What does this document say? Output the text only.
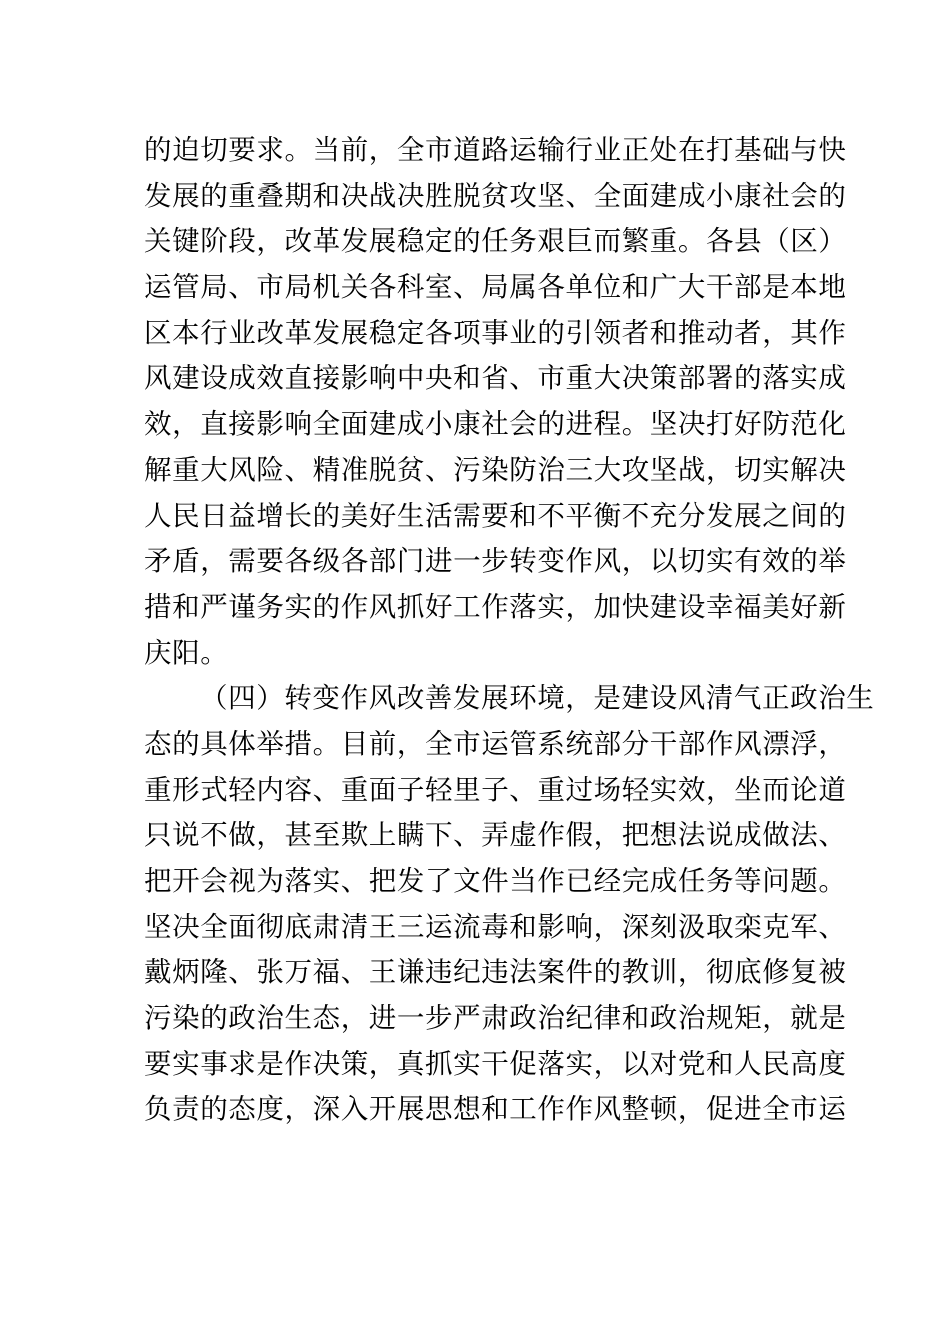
的迫切要求。当前，全市道路运输行业正处在打基础与快
发展的重叠期和决战决胜脱贫攻坚、全面建成小康社会的
关键阶段，改革发展稳定的任务艰巨而繁重。各县（区）
运管局、市局机关各科室、局属各单位和广大干部是本地
区本行业改革发展稳定各项事业的引领者和推动者，其作
风建设成效直接影响中央和省、市重大决策部署的落实成
效，直接影响全面建成小康社会的进程。坚决打好防范化
解重大风险、精准脱贫、污染防治三大攻坚战，切实解决
人民日益增长的美好生活需要和不平衡不充分发展之间的
矛盾，需要各级各部门进一步转变作风，以切实有效的举
措和严谨务实的作风抓好工作落实，加快建设幸福美好新
庆阳。
（四）转变作风改善发展环境，是建设风清气正政治生
态的具体举措。目前，全市运管系统部分干部作风漂浮，
重形式轻内容、重面子轻里子、重过场轻实效，坐而论道
只说不做，甚至欺上瞒下、弄虚作假，把想法说成做法、
把开会视为落实、把发了文件当作已经完成任务等问题。
坚决全面彻底肃清王三运流毒和影响，深刻汲取栾克军、
戴炳隆、张万福、王谦违纪违法案件的教训，彻底修复被
污染的政治生态，进一步严肃政治纪律和政治规矩，就是
要实事求是作决策，真抓实干促落实，以对党和人民高度
负责的态度，深入开展思想和工作作风整顿，促进全市运
